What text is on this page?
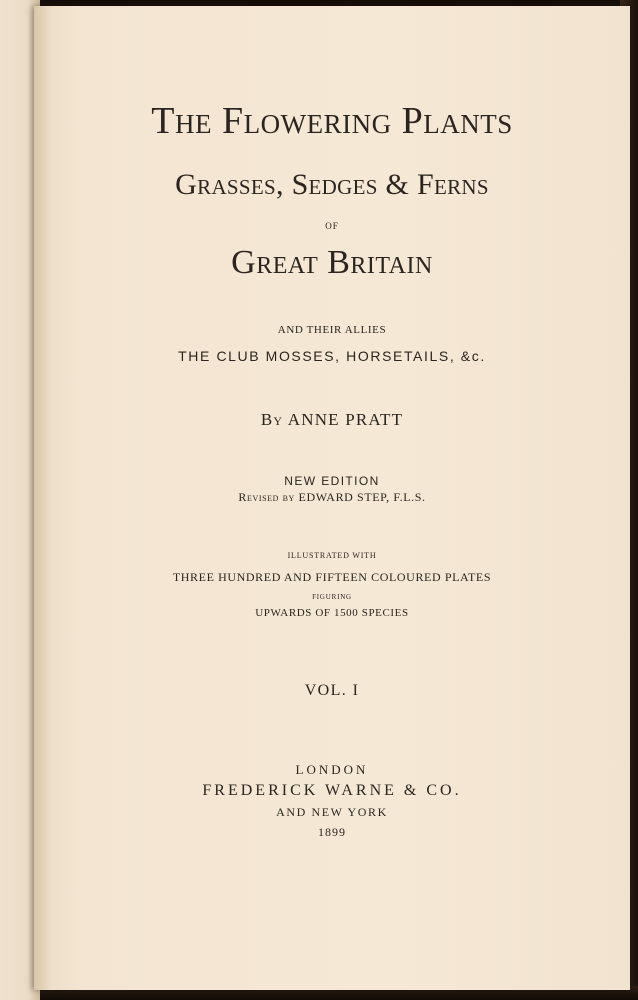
The Flowering Plants
Grasses, Sedges & Ferns

OF

Great Britain

AND THEIR ALLIES

THE CLUB MOSSES, HORSETAILS, &c.

By ANNE PRATT

NEW EDITION

Revised by EDWARD STEP, F.L.S.

ILLUSTRATED WITH

THREE HUNDRED AND FIFTEEN COLOURED PLATES

FIGURING

UPWARDS OF 1500 SPECIES

VOL. I

LONDON

FREDERICK WARNE & CO.

AND NEW YORK

1899
